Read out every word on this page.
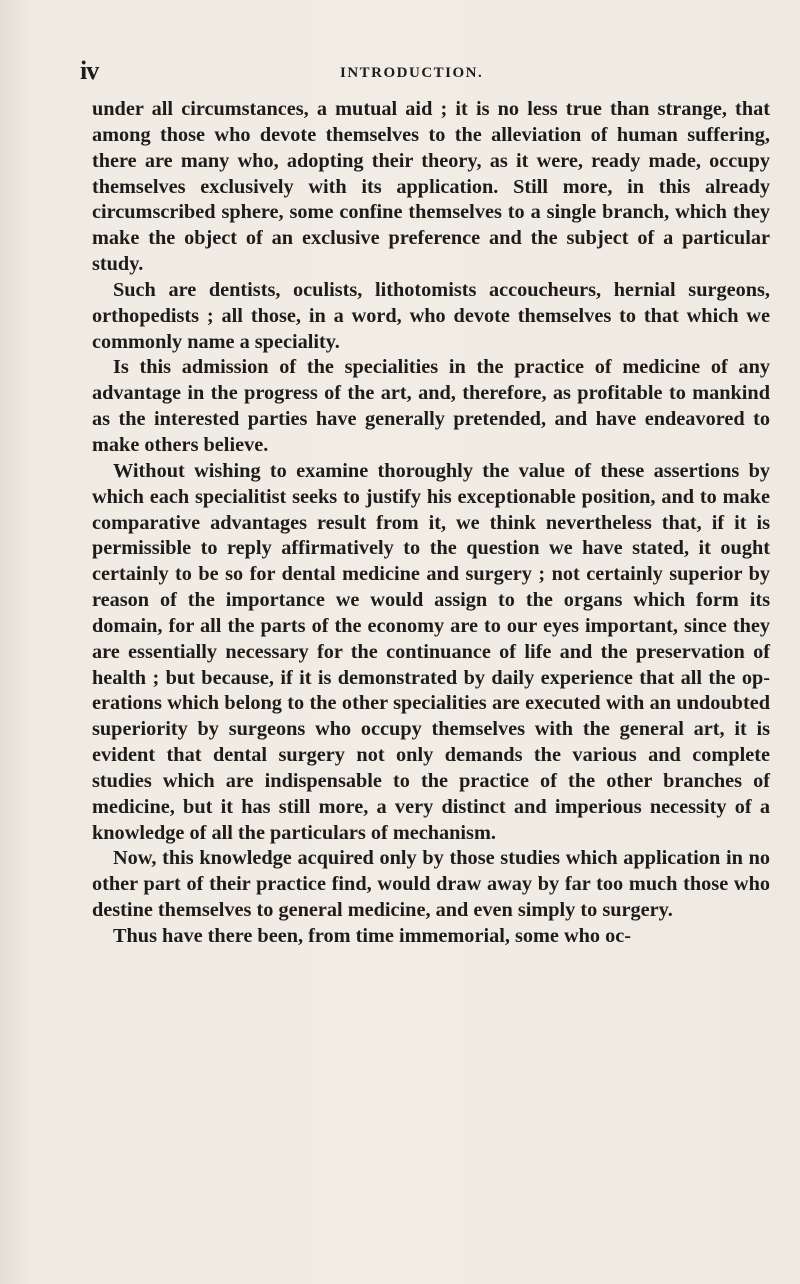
iv	INTRODUCTION.

under all circumstances, a mutual aid ; it is no less true than strange, that among those who devote themselves to the alleviation of human suffering, there are many who, adopting their theory, as it were, ready made, occupy themselves exclusively with its application. Still more, in this already circumscribed sphere, some confine themselves to a single branch, which they make the object of an exclusive preference and the subject of a particular study.

Such are dentists, oculists, lithotomists accoucheurs, hernial surgeons, orthopedists ; all those, in a word, who devote themselves to that which we commonly name a speciality.

Is this admission of the specialities in the practice of medicine of any advantage in the progress of the art, and, therefore, as profitable to mankind as the interested parties have generally pretended, and have endeavored to make others believe.

Without wishing to examine thoroughly the value of these assertions by which each specialitist seeks to justify his exceptionable position, and to make comparative advantages result from it, we think nevertheless that, if it is permissible to reply affirmatively to the question we have stated, it ought certainly to be so for dental medicine and surgery ; not certainly superior by reason of the importance we would assign to the organs which form its domain, for all the parts of the economy are to our eyes important, since they are essentially necessary for the continuance of life and the preservation of health ; but because, if it is demonstrated by daily experience that all the operations which belong to the other specialities are executed with an undoubted superiority by surgeons who occupy themselves with the general art, it is evident that dental surgery not only demands the various and complete studies which are indispensable to the practice of the other branches of medicine, but it has still more, a very distinct and imperious necessity of a knowledge of all the particulars of mechanism.

Now, this knowledge acquired only by those studies which application in no other part of their practice find, would draw away by far too much those who destine themselves to general medicine, and even simply to surgery.

Thus have there been, from time immemorial, some who oc-
